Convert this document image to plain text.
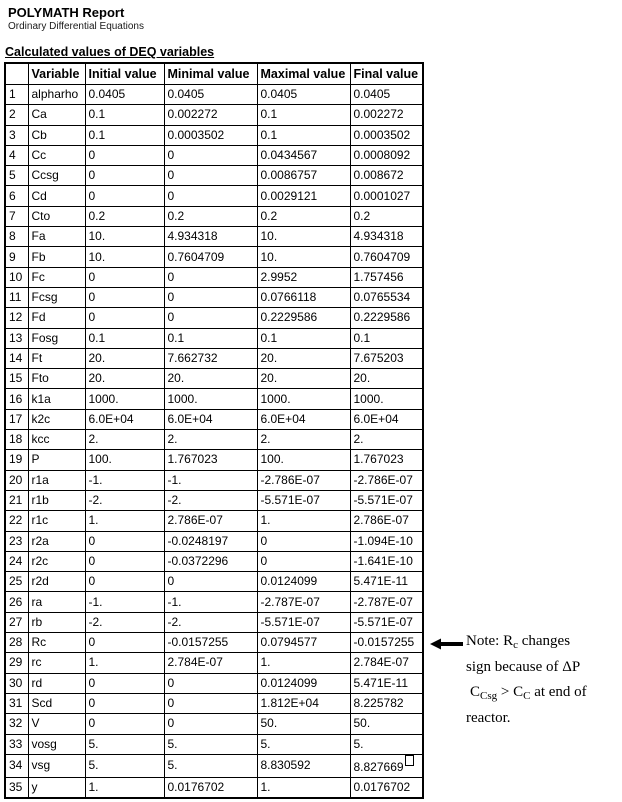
POLYMATH Report
Ordinary Differential Equations
Calculated values of DEQ variables
	Variable	Initial value	Minimal value	Maximal value	Final value
1	alpharho	0.0405	0.0405	0.0405	0.0405
2	Ca	0.1	0.002272	0.1	0.002272
3	Cb	0.1	0.0003502	0.1	0.0003502
4	Cc	0	0	0.0434567	0.0008092
5	Ccsg	0	0	0.0086757	0.008672
6	Cd	0	0	0.0029121	0.0001027
7	Cto	0.2	0.2	0.2	0.2
8	Fa	10.	4.934318	10.	4.934318
9	Fb	10.	0.7604709	10.	0.7604709
10	Fc	0	0	2.9952	1.757456
11	Fcsg	0	0	0.0766118	0.0765534
12	Fd	0	0	0.2229586	0.2229586
13	Fosg	0.1	0.1	0.1	0.1
14	Ft	20.	7.662732	20.	7.675203
15	Fto	20.	20.	20.	20.
16	k1a	1000.	1000.	1000.	1000.
17	k2c	6.0E+04	6.0E+04	6.0E+04	6.0E+04
18	kcc	2.	2.	2.	2.
19	P	100.	1.767023	100.	1.767023
20	r1a	-1.	-1.	-2.786E-07	-2.786E-07
21	r1b	-2.	-2.	-5.571E-07	-5.571E-07
22	r1c	1.	2.786E-07	1.	2.786E-07
23	r2a	0	-0.0248197	0	-1.094E-10
24	r2c	0	-0.0372296	0	-1.641E-10
25	r2d	0	0	0.0124099	5.471E-11
26	ra	-1.	-1.	-2.787E-07	-2.787E-07
27	rb	-2.	-2.	-5.571E-07	-5.571E-07
28	Rc	0	-0.0157255	0.0794577	-0.0157255
29	rc	1.	2.784E-07	1.	2.784E-07
30	rd	0	0	0.0124099	5.471E-11
31	Scd	0	0	1.812E+04	8.225782
32	V	0	0	50.	50.
33	vosg	5.	5.	5.	5.
34	vsg	5.	5.	8.830592	8.827669
35	y	1.	0.0176702	1.	0.0176702
Note: $R_c$ changes
sign because of ΔP
$C_{Csg} > C_C$ at end of
reactor.
